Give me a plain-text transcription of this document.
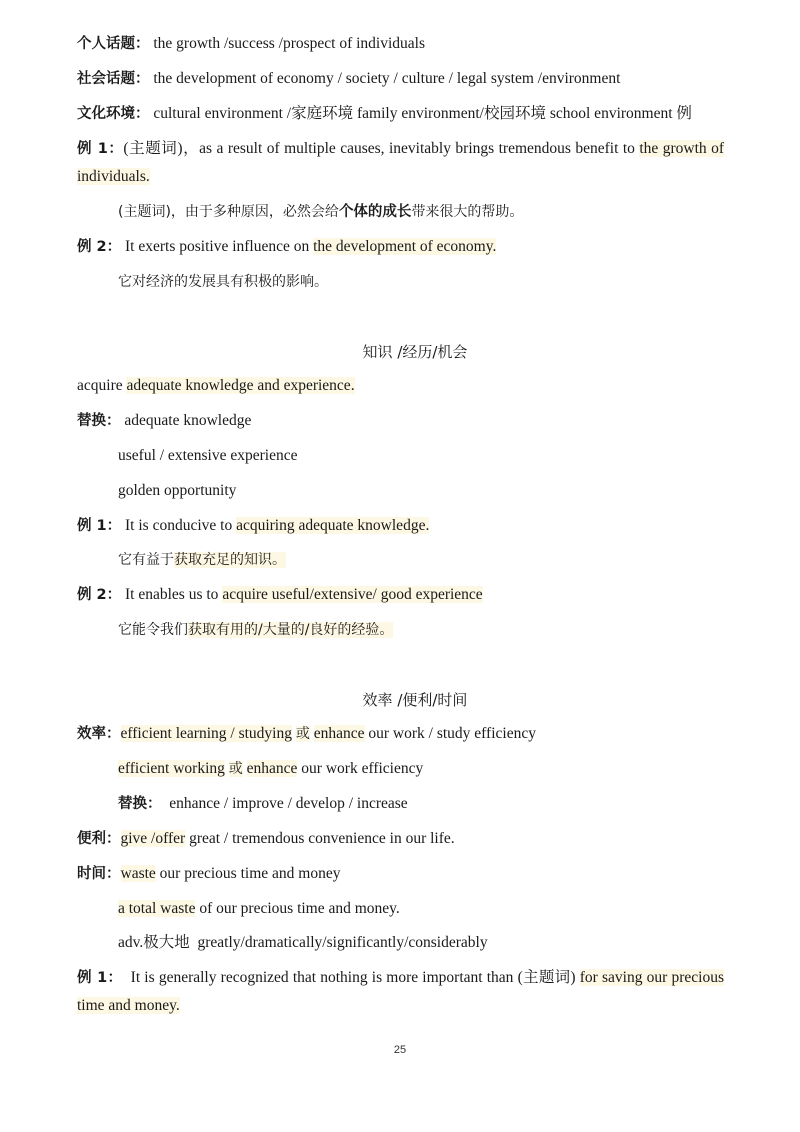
个人话题： the growth /success /prospect of individuals
社会话题： the development of economy / society / culture / legal system /environment
文化环境： cultural environment /家庭环境 family environment/校园环境 school environment 例
例 1：(主题词)，as a result of multiple causes, inevitably brings tremendous benefit to the growth of individuals.
(主题词)，由于多种原因，必然会给个体的成长带来很大的帮助。
例 2： It exerts positive influence on the development of economy.
它对经济的发展具有积极的影响。
知识 /经历/机会
acquire adequate knowledge and experience.
替换： adequate knowledge
useful / extensive experience
golden opportunity
例 1： It is conducive to acquiring adequate knowledge.
它有益于获取充足的知识。
例 2： It enables us to acquire useful/extensive/ good experience
它能令我们获取有用的/大量的/良好的经验。
效率 /便利/时间
效率：efficient learning / studying 或 enhance our work / study efficiency
efficient working 或 enhance our work efficiency
替换： enhance / improve / develop / increase
便利：give /offer great / tremendous convenience in our life.
时间：waste our precious time and money
a total waste of our precious time and money.
adv.极大地 greatly/dramatically/significantly/considerably
例 1： It is generally recognized that nothing is more important than (主题词) for saving our precious time and money.
25
